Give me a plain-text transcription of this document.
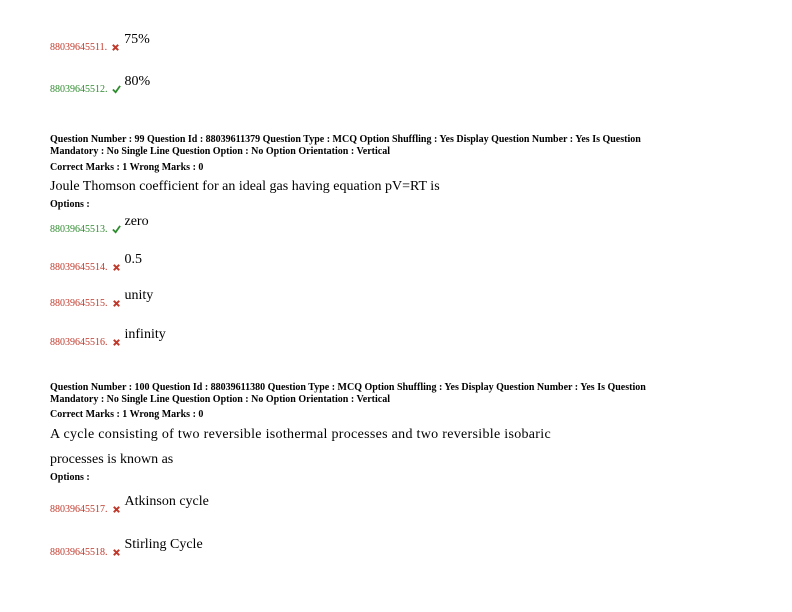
88039645511.
75%
88039645512.
80%
Question Number : 99 Question Id : 88039611379 Question Type : MCQ Option Shuffling : Yes Display Question Number : Yes Is Question
Mandatory : No Single Line Question Option : No Option Orientation : Vertical
Correct Marks : 1 Wrong Marks : 0
Joule Thomson coefficient for an ideal gas having equation pV=RT is
Options :
88039645513.
zero
88039645514.
0.5
88039645515.
unity
88039645516.
infinity
Question Number : 100 Question Id : 88039611380 Question Type : MCQ Option Shuffling : Yes Display Question Number : Yes Is Question
Mandatory : No Single Line Question Option : No Option Orientation : Vertical
Correct Marks : 1 Wrong Marks : 0
A cycle consisting of two reversible isothermal processes and two reversible isobaric
processes is known as
Options :
88039645517.
Atkinson cycle
88039645518.
Stirling Cycle
